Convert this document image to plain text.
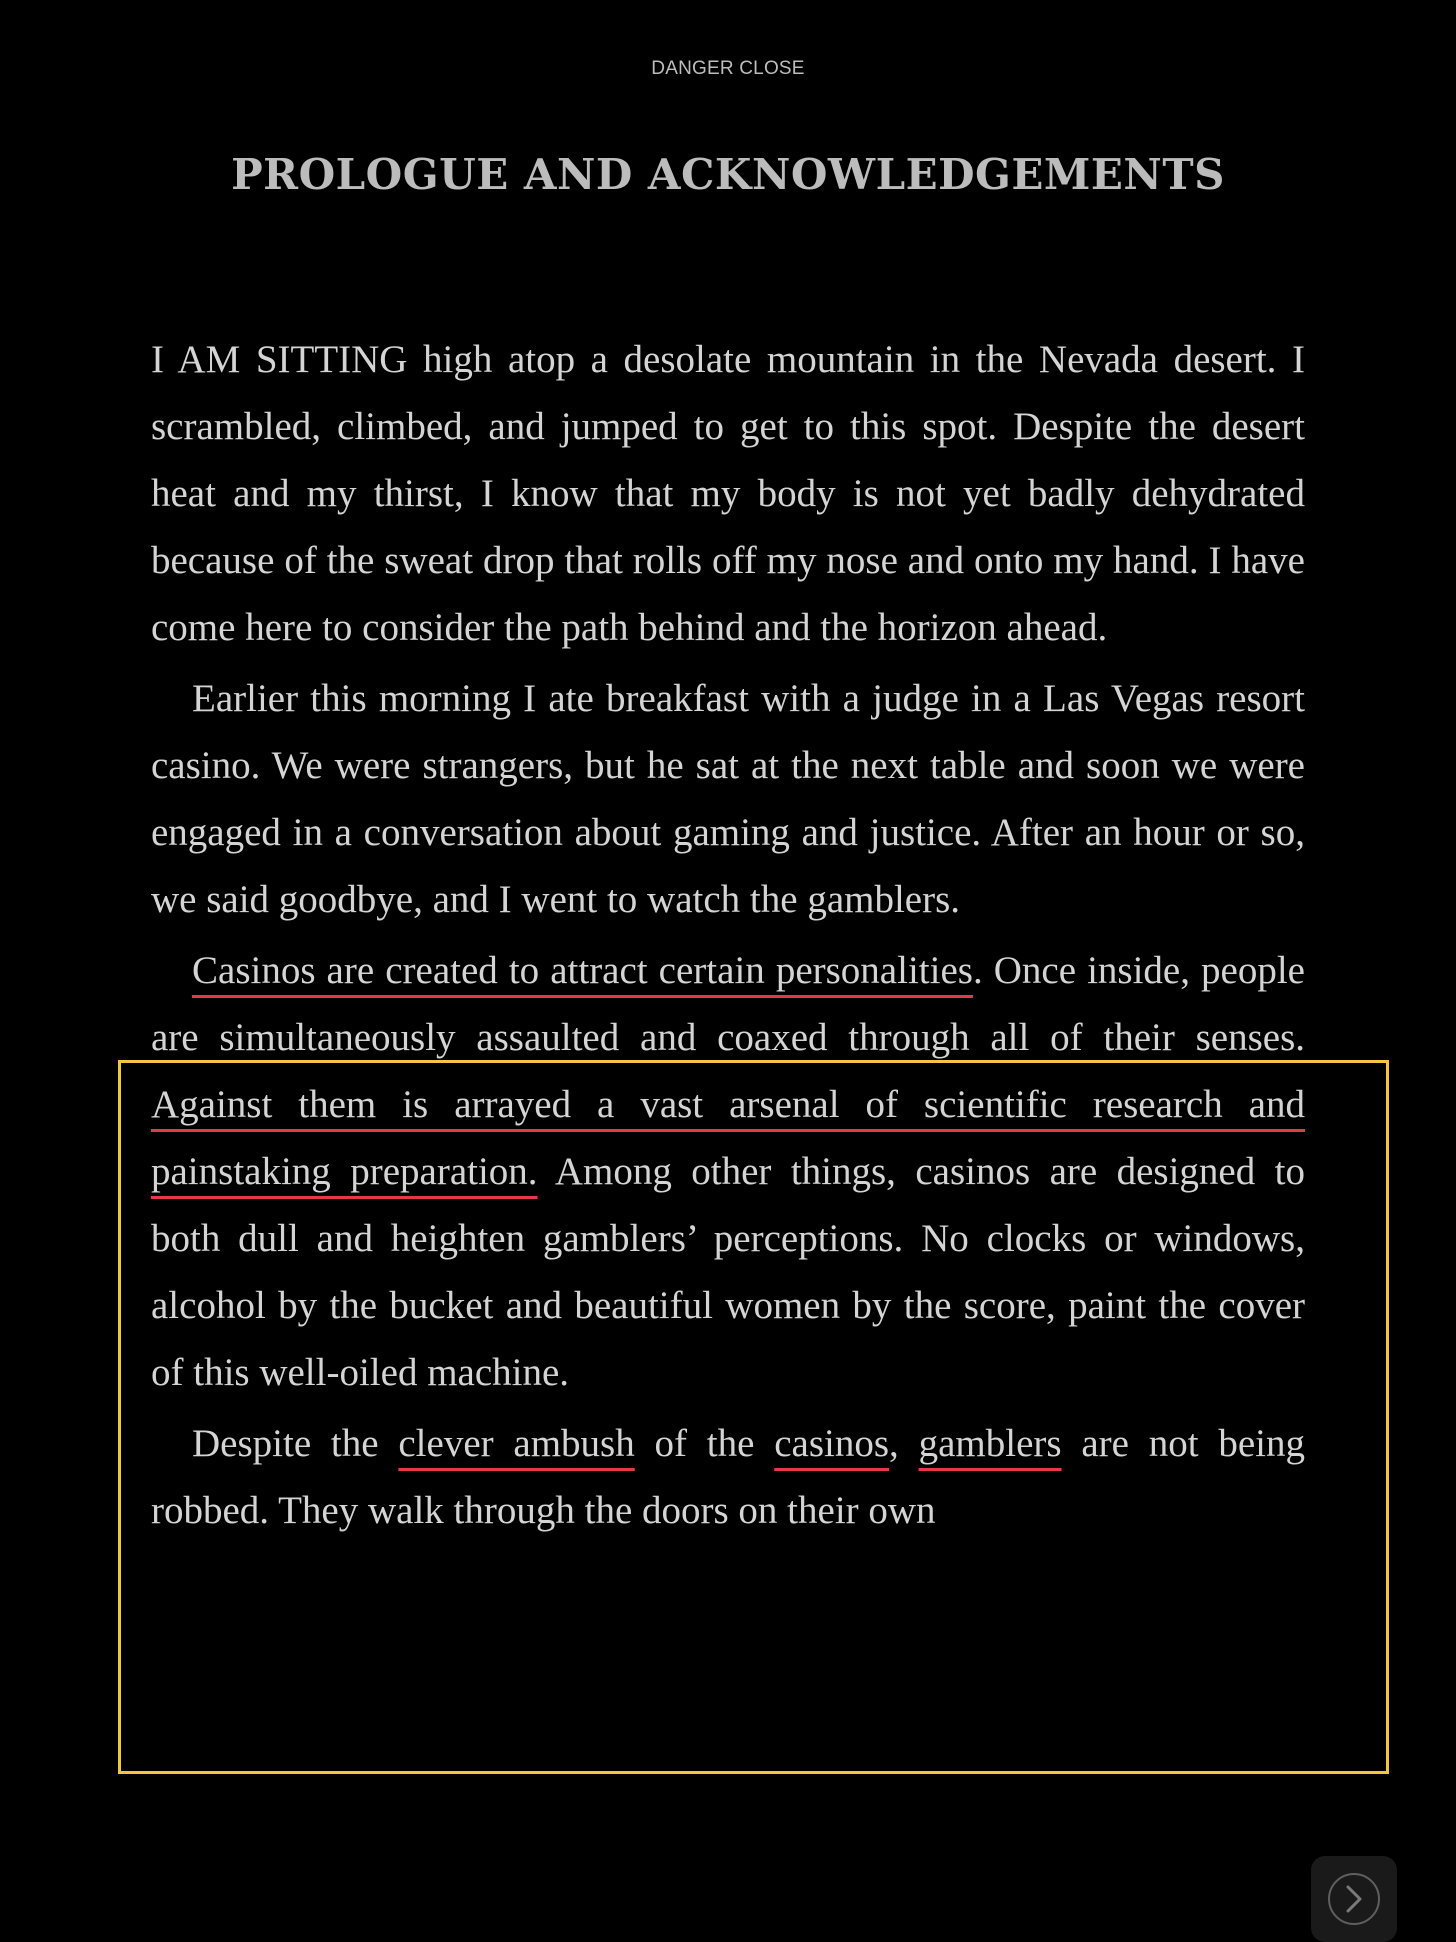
DANGER CLOSE
PROLOGUE AND ACKNOWLEDGEMENTS

I AM SITTING high atop a desolate mountain in the Nevada desert. I scrambled, climbed, and jumped to get to this spot. Despite the desert heat and my thirst, I know that my body is not yet badly dehydrated because of the sweat drop that rolls off my nose and onto my hand. I have come here to consider the path behind and the horizon ahead.

Earlier this morning I ate breakfast with a judge in a Las Vegas resort casino. We were strangers, but he sat at the next table and soon we were engaged in a conversation about gaming and justice. After an hour or so, we said goodbye, and I went to watch the gamblers.

Casinos are created to attract certain personalities. Once inside, people are simultaneously assaulted and coaxed through all of their senses. Against them is arrayed a vast arsenal of scientific research and painstaking preparation. Among other things, casinos are designed to both dull and heighten gamblers’ perceptions. No clocks or windows, alcohol by the bucket and beautiful women by the score, paint the cover of this well-oiled machine.

Despite the clever ambush of the casinos, gamblers are not being robbed. They walk through the doors on their own
